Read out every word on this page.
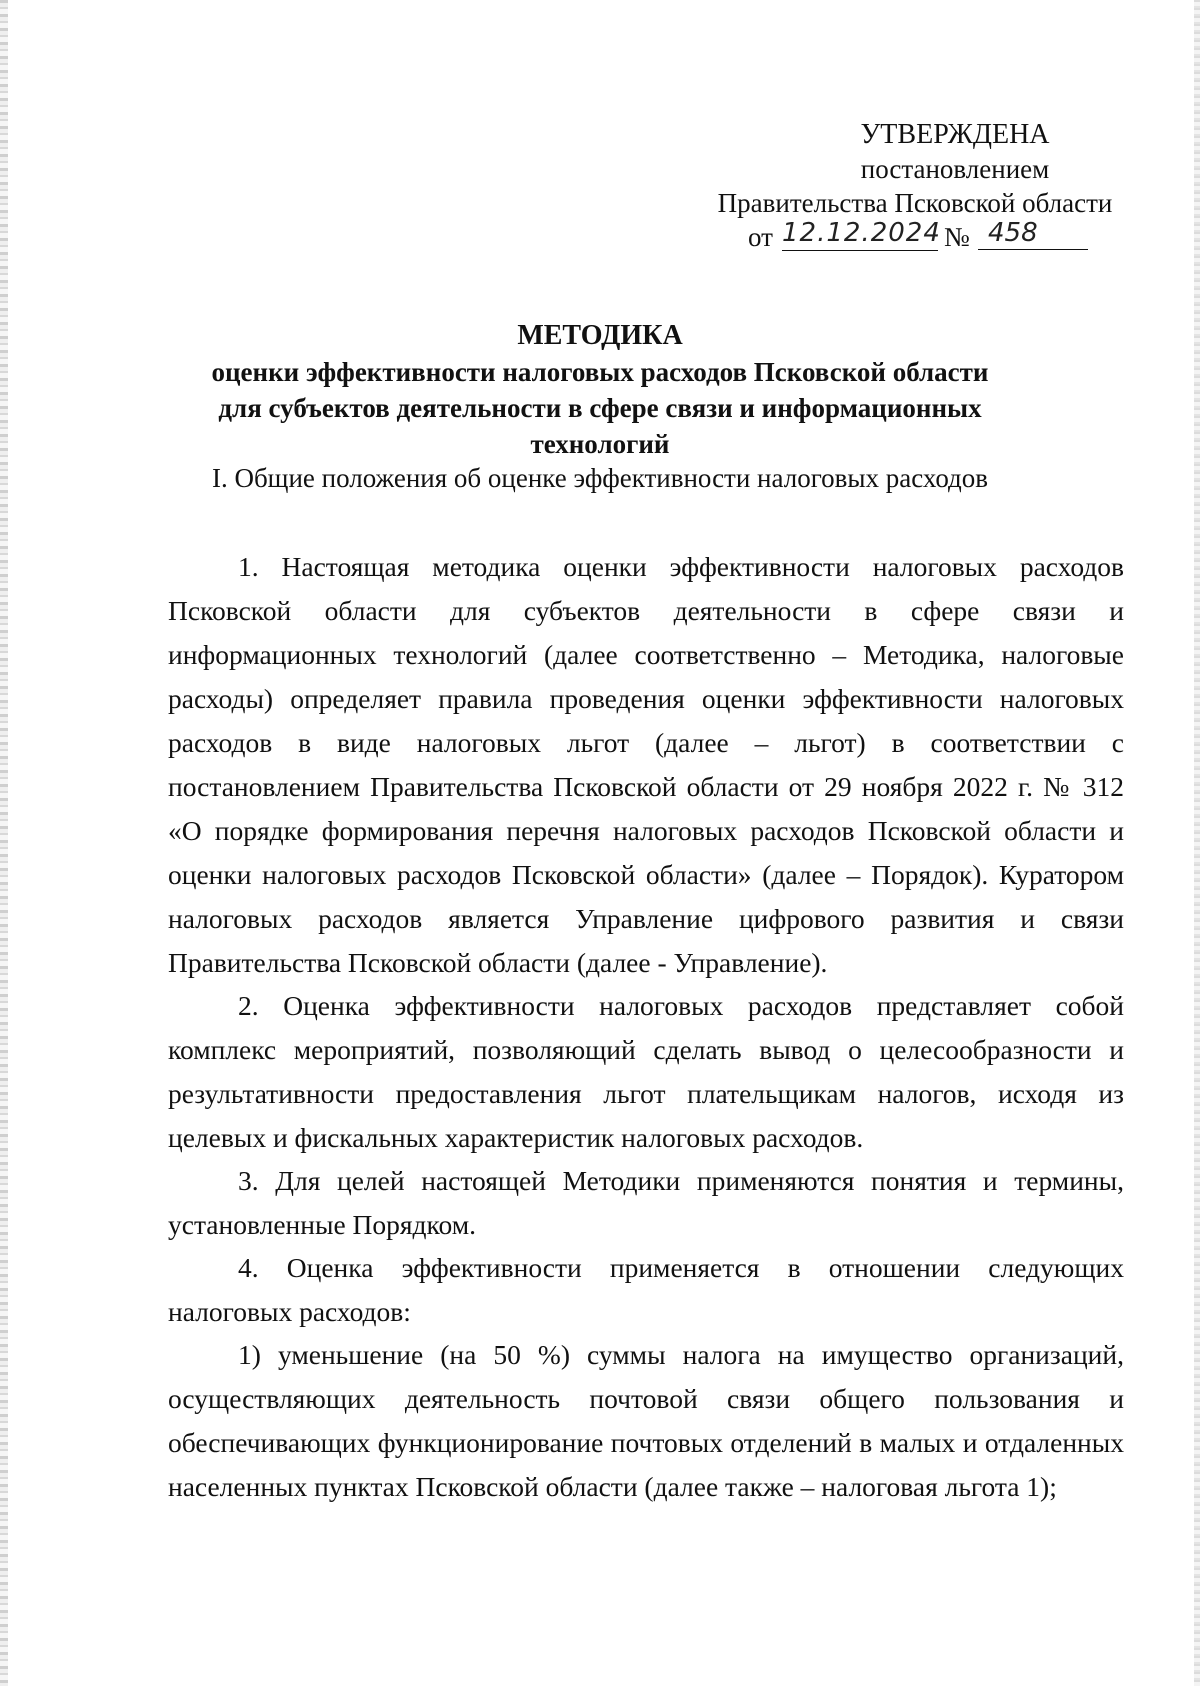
УТВЕРЖДЕНА
постановлением
Правительства Псковской области
от 12.12.2024 № 458
МЕТОДИКА
оценки эффективности налоговых расходов Псковской области
для субъектов деятельности в сфере связи и информационных технологий
I. Общие положения об оценке эффективности налоговых расходов

1. Настоящая методика оценки эффективности налоговых расходов Псковской области для субъектов деятельности в сфере связи и информационных технологий (далее соответственно – Методика, налоговые расходы) определяет правила проведения оценки эффективности налоговых расходов в виде налоговых льгот (далее – льгот) в соответствии с постановлением Правительства Псковской области от 29 ноября 2022 г. № 312 «О порядке формирования перечня налоговых расходов Псковской области и оценки налоговых расходов Псковской области» (далее – Порядок). Куратором налоговых расходов является Управление цифрового развития и связи Правительства Псковской области (далее - Управление).

2. Оценка эффективности налоговых расходов представляет собой комплекс мероприятий, позволяющий сделать вывод о целесообразности и результативности предоставления льгот плательщикам налогов, исходя из целевых и фискальных характеристик налоговых расходов.

3. Для целей настоящей Методики применяются понятия и термины, установленные Порядком.

4. Оценка эффективности применяется в отношении следующих налоговых расходов:

1) уменьшение (на 50 %) суммы налога на имущество организаций, осуществляющих деятельность почтовой связи общего пользования и обеспечивающих функционирование почтовых отделений в малых и отдаленных населенных пунктах Псковской области (далее также – налоговая льгота 1);
